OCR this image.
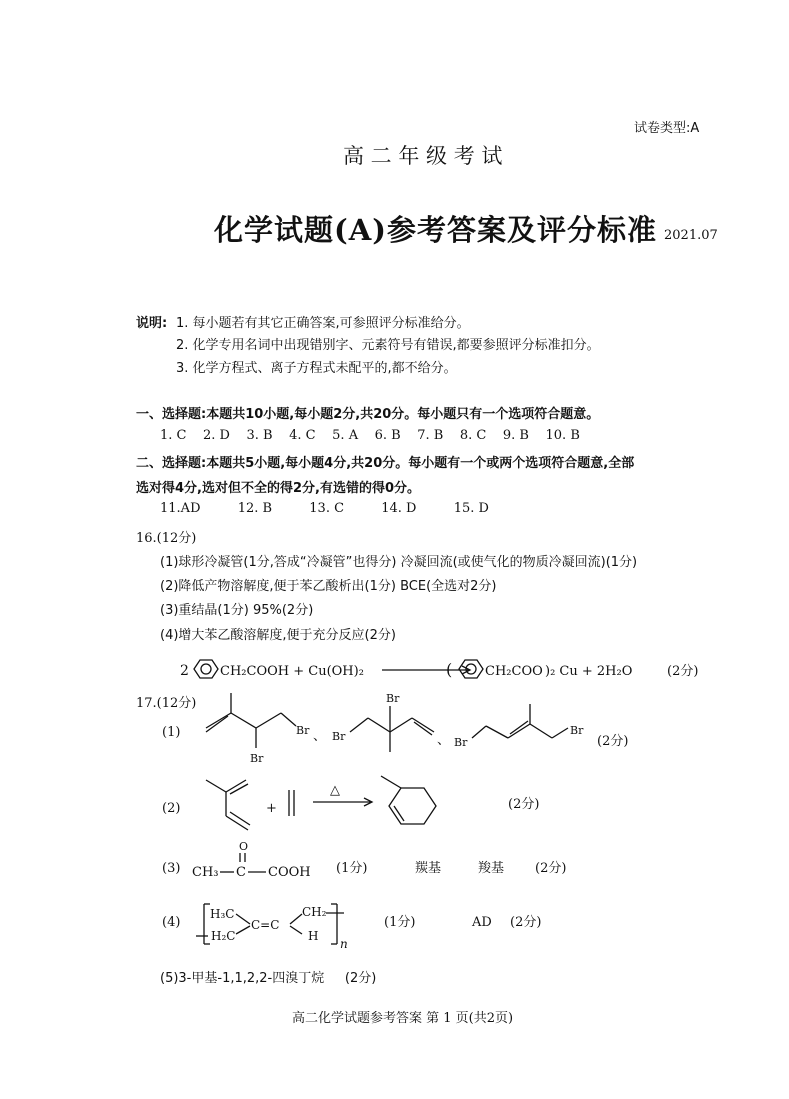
试卷类型:A
高 二 年 级 考 试
化学试题(A)参考答案及评分标准 2021.07
说明: 1. 每小题若有其它正确答案,可参照评分标准给分。
2. 化学专用名词中出现错别字、元素符号有错误,都要参照评分标准扣分。
3. 化学方程式、离子方程式未配平的,都不给分。
一、选择题:本题共10小题,每小题2分,共20分。每小题只有一个选项符合题意。
1. C 2. D 3. B 4. C 5. A 6. B 7. B 8. C 9. B 10. B
二、选择题:本题共5小题,每小题4分,共20分。每小题有一个或两个选项符合题意,全部
选对得4分,选对但不全的得2分,有选错的得0分。
11.AD	12. B	13. C	14. D	15. D
16.(12分)
(1)球形冷凝管(1分,答成“冷凝管”也得分) 冷凝回流(或使气化的物质冷凝回流)(1分)
(2)降低产物溶解度,便于苯乙酸析出(1分) BCE(全选对2分)
(3)重结晶(1分) 95%(2分)
(4)增大苯乙酸溶解度,便于充分反应(2分)
2 CH₂COOH + Cu(OH)₂	(	CH₂COO )₂ Cu + 2H₂O	(2分)
17.(12分)
(1)
Br
Br 、 Br
Br
、 Br
Br
(2分)
(2)	+
△
(2分)
(3)
O
CH₃ C COOH (1分)	羰基	羧基 (2分)
(4)
H₃C
H₂C
C=C
CH₂
H
n
(1分)	AD (2分)
(5)3-甲基-1,1,2,2-四溴丁烷 (2分)
高二化学试题参考答案 第 1 页(共2页)
